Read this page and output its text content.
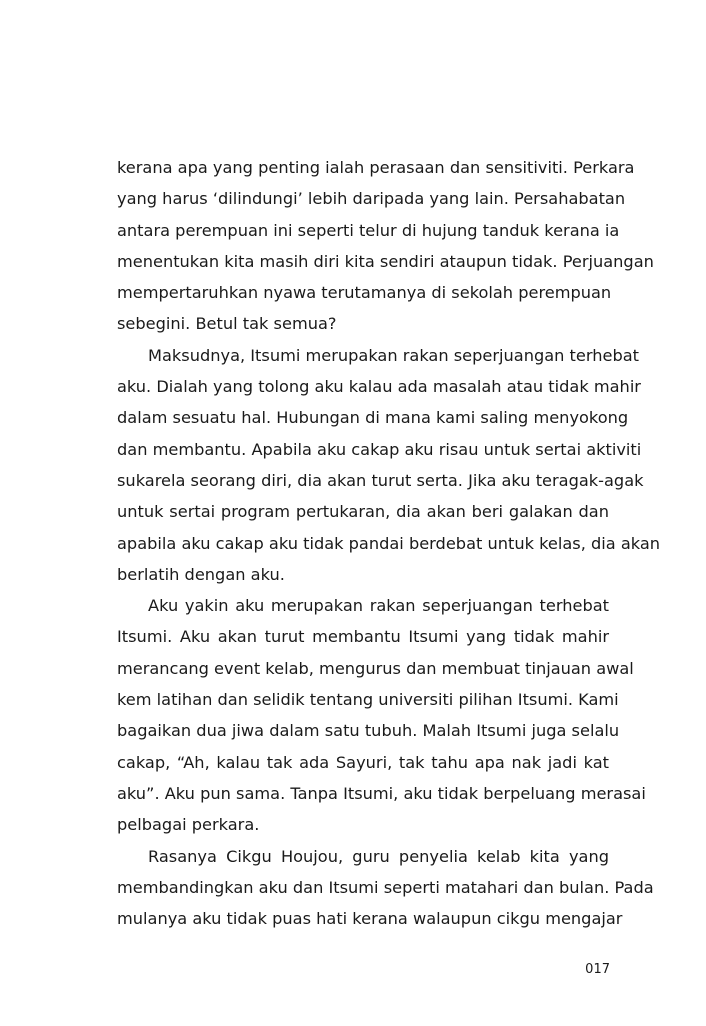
kerana apa yang penting ialah perasaan dan sensitiviti. Perkara
yang harus ‘dilindungi’ lebih daripada yang lain. Persahabatan
antara perempuan ini seperti telur di hujung tanduk kerana ia
menentukan kita masih diri kita sendiri ataupun tidak. Perjuangan
mempertaruhkan nyawa terutamanya di sekolah perempuan
sebegini. Betul tak semua?
Maksudnya, Itsumi merupakan rakan seperjuangan terhebat
aku. Dialah yang tolong aku kalau ada masalah atau tidak mahir
dalam sesuatu hal. Hubungan di mana kami saling menyokong
dan membantu. Apabila aku cakap aku risau untuk sertai aktiviti
sukarela seorang diri, dia akan turut serta. Jika aku teragak-agak
untuk sertai program pertukaran, dia akan beri galakan dan
apabila aku cakap aku tidak pandai berdebat untuk kelas, dia akan
berlatih dengan aku.
Aku yakin aku merupakan rakan seperjuangan terhebat
Itsumi. Aku akan turut membantu Itsumi yang tidak mahir
merancang event kelab, mengurus dan membuat tinjauan awal
kem latihan dan selidik tentang universiti pilihan Itsumi. Kami
bagaikan dua jiwa dalam satu tubuh. Malah Itsumi juga selalu
cakap, “Ah, kalau tak ada Sayuri, tak tahu apa nak jadi kat
aku”. Aku pun sama. Tanpa Itsumi, aku tidak berpeluang merasai
pelbagai perkara.
Rasanya Cikgu Houjou, guru penyelia kelab kita yang
membandingkan aku dan Itsumi seperti matahari dan bulan. Pada
mulanya aku tidak puas hati kerana walaupun cikgu mengajar
017
